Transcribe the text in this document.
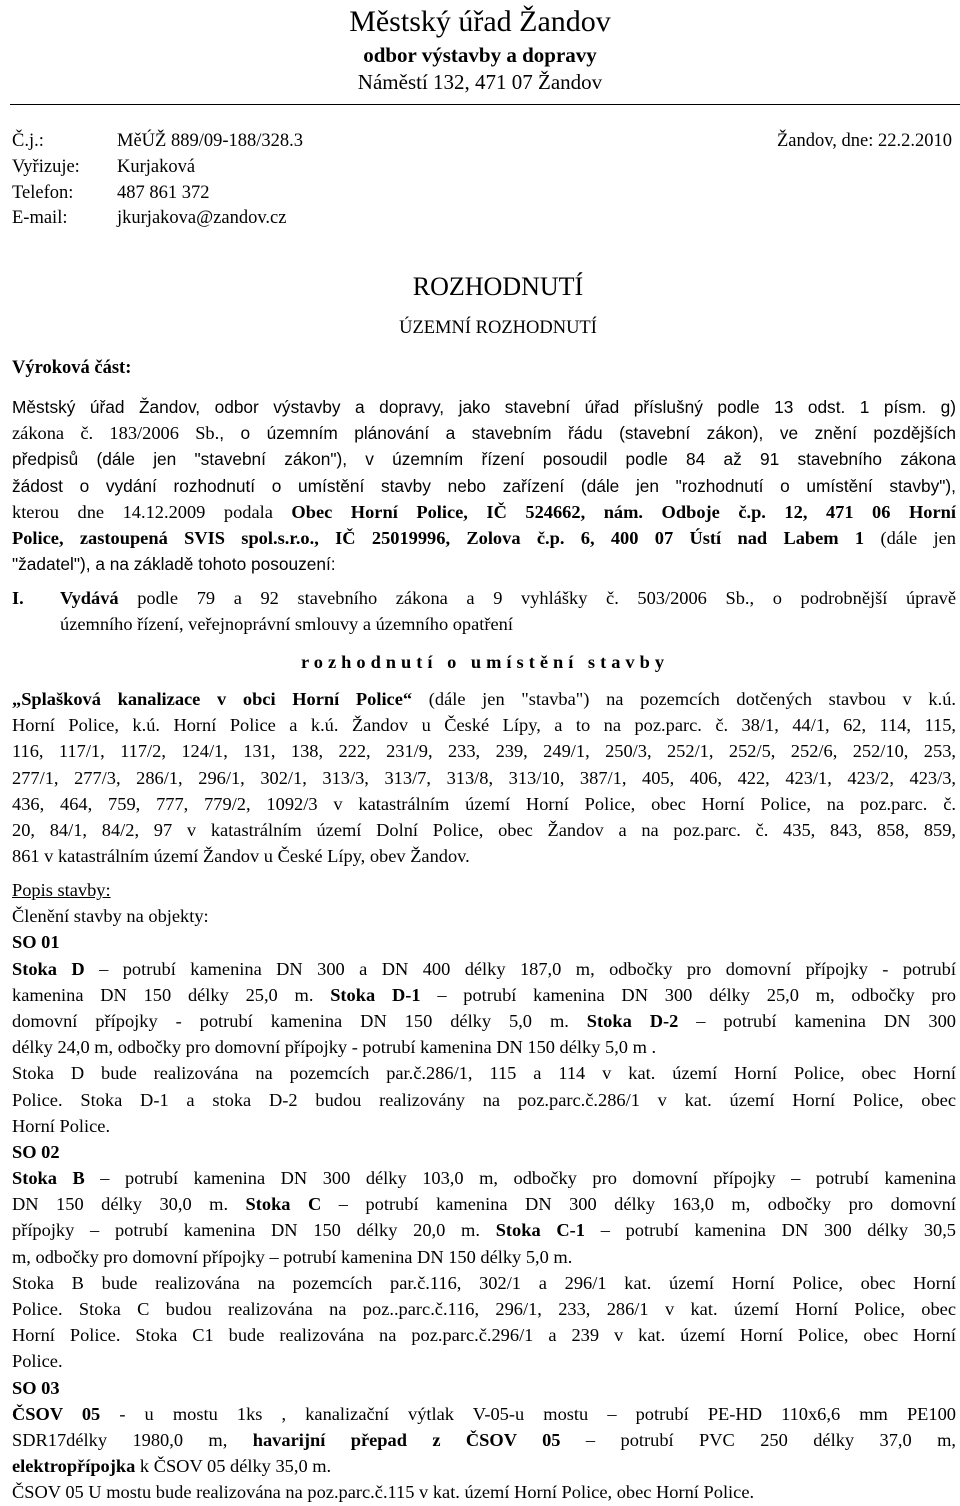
Městský úřad Žandov
odbor výstavby a dopravy
Náměstí 132, 471 07 Žandov
Č.j.:	MěÚŽ 889/09-188/328.3
Vyřizuje: Kurjaková
Telefon: 487 861 372
E-mail:	jkurjakova@zandov.cz
Žandov, dne: 22.2.2010
ROZHODNUTÍ
ÚZEMNÍ ROZHODNUTÍ
Výroková část:
Městský úřad Žandov, odbor výstavby a dopravy, jako stavební úřad příslušný podle 13 odst. 1 písm. g)
zákona č. 183/2006 Sb., o územním plánování a stavebním řádu (stavební zákon), ve znění pozdějších
předpisů (dále jen "stavební zákon"), v územním řízení posoudil podle 84 až 91 stavebního zákona
žádost o vydání rozhodnutí o umístění stavby nebo zařízení (dále jen "rozhodnutí o umístění stavby"),
kterou dne 14.12.2009 podala Obec Horní Police, IČ 524662, nám. Odboje č.p. 12, 471 06 Horní
Police, zastoupená SVIS spol.s.r.o., IČ 25019996, Zolova č.p. 6, 400 07 Ústí nad Labem 1 (dále jen
"žadatel"), a na základě tohoto posouzení:
I. Vydává podle 79 a 92 stavebního zákona a 9 vyhlášky č. 503/2006 Sb., o podrobnější úpravě
územního řízení, veřejnoprávní smlouvy a územního opatření
rozhodnutí o umístění stavby
„Splašková kanalizace v obci Horní Police“ (dále jen "stavba") na pozemcích dotčených stavbou v k.ú.
Horní Police, k.ú. Horní Police a k.ú. Žandov u České Lípy, a to na poz.parc. č. 38/1, 44/1, 62, 114, 115,
116, 117/1, 117/2, 124/1, 131, 138, 222, 231/9, 233, 239, 249/1, 250/3, 252/1, 252/5, 252/6, 252/10, 253,
277/1, 277/3, 286/1, 296/1, 302/1, 313/3, 313/7, 313/8, 313/10, 387/1, 405, 406, 422, 423/1, 423/2, 423/3,
436, 464, 759, 777, 779/2, 1092/3 v katastrálním území Horní Police, obec Horní Police, na poz.parc. č.
20, 84/1, 84/2, 97 v katastrálním území Dolní Police, obec Žandov a na poz.parc. č. 435, 843, 858, 859,
861 v katastrálním území Žandov u České Lípy, obev Žandov.
Popis stavby:
Členění stavby na objekty:
SO 01
Stoka D – potrubí kamenina DN 300 a DN 400 délky 187,0 m, odbočky pro domovní přípojky - potrubí
kamenina DN 150 délky 25,0 m. Stoka D-1 – potrubí kamenina DN 300 délky 25,0 m, odbočky pro
domovní přípojky - potrubí kamenina DN 150 délky 5,0 m. Stoka D-2 – potrubí kamenina DN 300
délky 24,0 m, odbočky pro domovní přípojky - potrubí kamenina DN 150 délky 5,0 m .
Stoka D bude realizována na pozemcích par.č.286/1, 115 a 114 v kat. území Horní Police, obec Horní
Police. Stoka D-1 a stoka D-2 budou realizovány na poz.parc.č.286/1 v kat. území Horní Police, obec
Horní Police.
SO 02
Stoka B – potrubí kamenina DN 300 délky 103,0 m, odbočky pro domovní přípojky – potrubí kamenina
DN 150 délky 30,0 m. Stoka C – potrubí kamenina DN 300 délky 163,0 m, odbočky pro domovní
přípojky – potrubí kamenina DN 150 délky 20,0 m. Stoka C-1 – potrubí kamenina DN 300 délky 30,5
m, odbočky pro domovní přípojky – potrubí kamenina DN 150 délky 5,0 m.
Stoka B bude realizována na pozemcích par.č.116, 302/1 a 296/1 kat. území Horní Police, obec Horní
Police. Stoka C budou realizována na poz..parc.č.116, 296/1, 233, 286/1 v kat. území Horní Police, obec
Horní Police. Stoka C1 bude realizována na poz.parc.č.296/1 a 239 v kat. území Horní Police, obec Horní
Police.
SO 03
ČSOV 05 - u mostu 1ks , kanalizační výtlak V-05-u mostu – potrubí PE-HD 110x6,6 mm PE100
SDR17délky 1980,0 m, havarijní přepad z ČSOV 05 – potrubí PVC 250 délky 37,0 m,
elektropřípojka k ČSOV 05 délky 35,0 m.
ČSOV 05 U mostu bude realizována na poz.parc.č.115 v kat. území Horní Police, obec Horní Police.
